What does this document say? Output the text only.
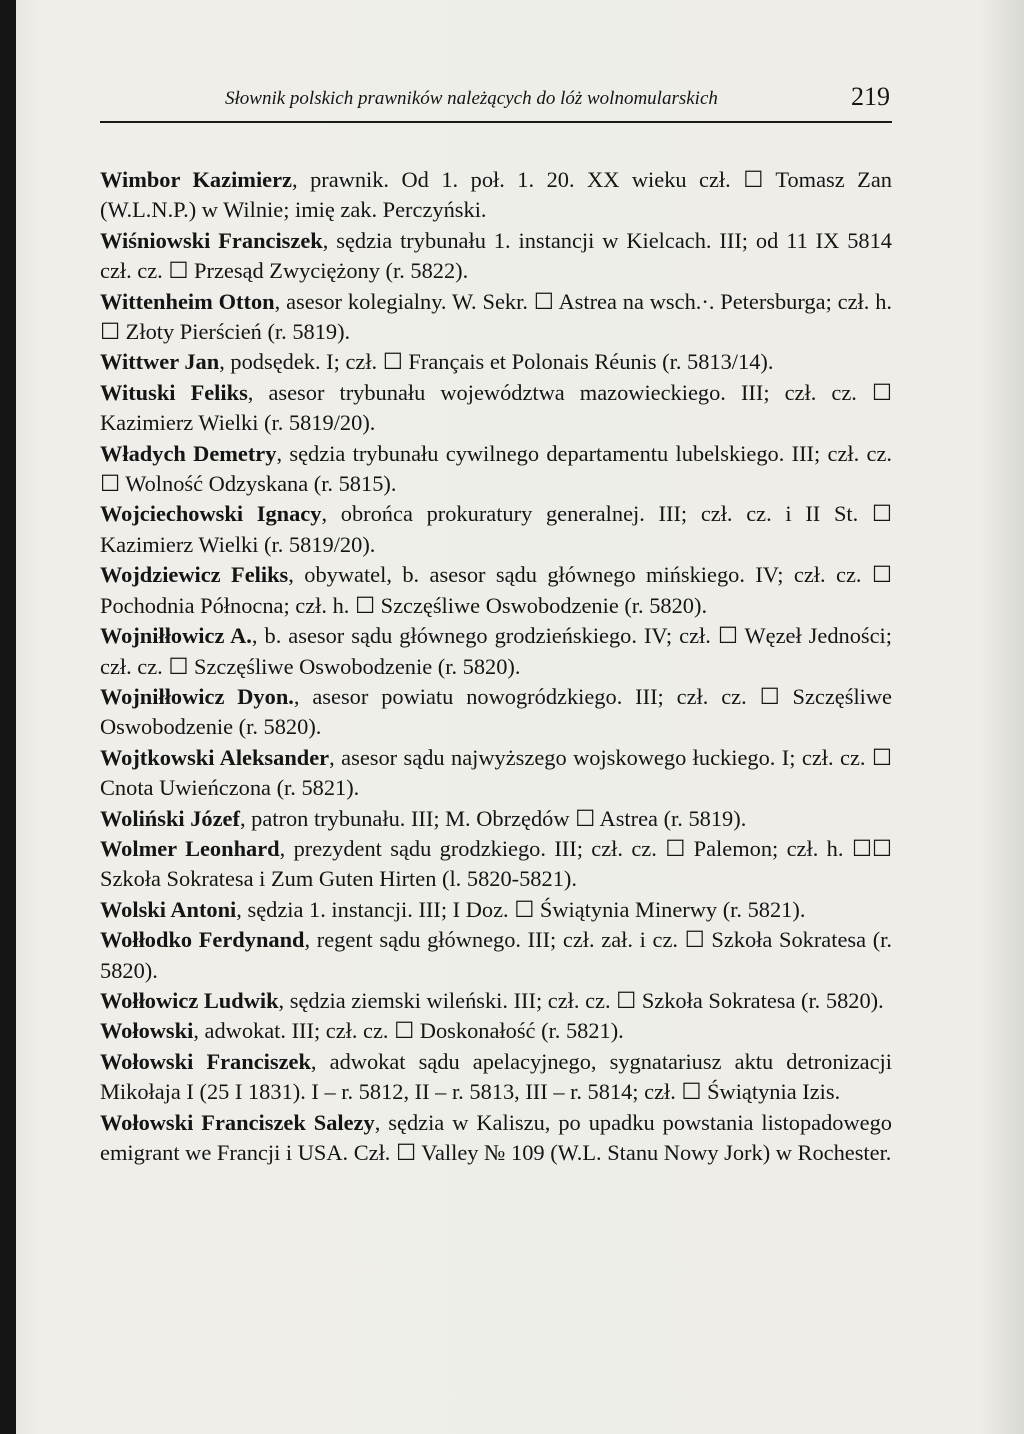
Słownik polskich prawników należących do lóż wolnomularskich	219

Wimbor Kazimierz, prawnik. Od 1. poł. 1. 20. XX wieku czł. ☐ Tomasz Zan (W.L.N.P.) w Wilnie; imię zak. Perczyński.

Wiśniowski Franciszek, sędzia trybunału 1. instancji w Kielcach. III; od 11 IX 5814 czł. cz. ☐ Przesąd Zwyciężony (r. 5822).

Wittenheim Otton, asesor kolegialny. W. Sekr. ☐ Astrea na wsch.·. Petersburga; czł. h. ☐ Złoty Pierścień (r. 5819).

Wittwer Jan, podsędek. I; czł. ☐ Français et Polonais Réunis (r. 5813/14).

Wituski Feliks, asesor trybunału województwa mazowieckiego. III; czł. cz. ☐ Kazimierz Wielki (r. 5819/20).

Władych Demetry, sędzia trybunału cywilnego departamentu lubelskiego. III; czł. cz. ☐ Wolność Odzyskana (r. 5815).

Wojciechowski Ignacy, obrońca prokuratury generalnej. III; czł. cz. i II St. ☐ Kazimierz Wielki (r. 5819/20).

Wojdziewicz Feliks, obywatel, b. asesor sądu głównego mińskiego. IV; czł. cz. ☐ Pochodnia Północna; czł. h. ☐ Szczęśliwe Oswobodzenie (r. 5820).

Wojniłłowicz A., b. asesor sądu głównego grodzieńskiego. IV; czł. ☐ Węzeł Jedności; czł. cz. ☐ Szczęśliwe Oswobodzenie (r. 5820).

Wojniłłowicz Dyon., asesor powiatu nowogródzkiego. III; czł. cz. ☐ Szczęśliwe Oswobodzenie (r. 5820).

Wojtkowski Aleksander, asesor sądu najwyższego wojskowego łuckiego. I; czł. cz. ☐ Cnota Uwieńczona (r. 5821).

Woliński Józef, patron trybunału. III; M. Obrzędów ☐ Astrea (r. 5819).

Wolmer Leonhard, prezydent sądu grodzkiego. III; czł. cz. ☐ Palemon; czł. h. ☐☐ Szkoła Sokratesa i Zum Guten Hirten (l. 5820-5821).

Wolski Antoni, sędzia 1. instancji. III; I Doz. ☐ Świątynia Minerwy (r. 5821).

Wołłodko Ferdynand, regent sądu głównego. III; czł. zał. i cz. ☐ Szkoła Sokratesa (r. 5820).

Wołłowicz Ludwik, sędzia ziemski wileński. III; czł. cz. ☐ Szkoła Sokratesa (r. 5820).

Wołowski, adwokat. III; czł. cz. ☐ Doskonałość (r. 5821).

Wołowski Franciszek, adwokat sądu apelacyjnego, sygnatariusz aktu detronizacji Mikołaja I (25 I 1831). I – r. 5812, II – r. 5813, III – r. 5814; czł. ☐ Świątynia Izis.

Wołowski Franciszek Salezy, sędzia w Kaliszu, po upadku powstania listopadowego emigrant we Francji i USA. Czł. ☐ Valley № 109 (W.L. Stanu Nowy Jork) w Rochester.
